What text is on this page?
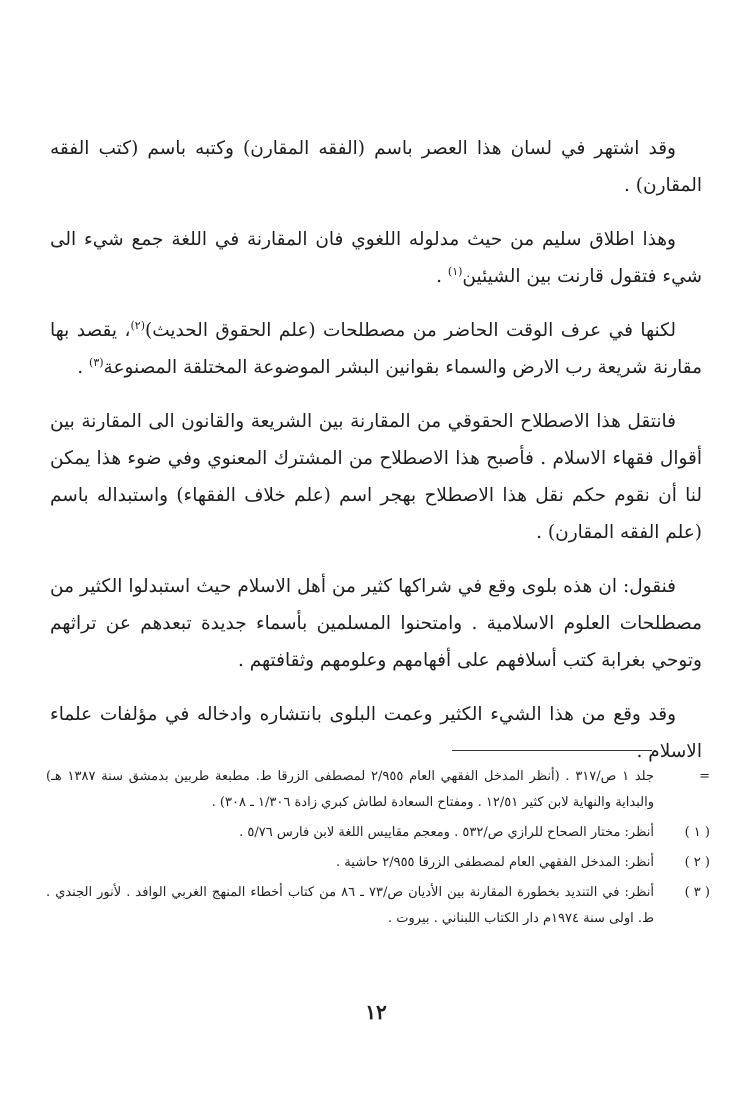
وقد اشتهر في لسان هذا العصر باسم (الفقه المقارن) وكتبه باسم (كتب الفقه المقارن) .

وهذا اطلاق سليم من حيث مدلوله اللغوي فان المقارنة في اللغة جمع شيء الى شيء فتقول قارنت بين الشيئين$^{(١)}$ .

لكنها في عرف الوقت الحاضر من مصطلحات (علم الحقوق الحديث)$^{(٢)}$، يقصد بها مقارنة شريعة رب الارض والسماء بقوانين البشر الموضوعة المختلقة المصنوعة$^{(٣)}$ .

فانتقل هذا الاصطلاح الحقوقي من المقارنة بين الشريعة والقانون الى المقارنة بين أقوال فقهاء الاسلام . فأصبح هذا الاصطلاح من المشترك المعنوي وفي ضوء هذا يمكن لنا أن نقوم حكم نقل هذا الاصطلاح بهجر اسم (علم خلاف الفقهاء) واستبداله باسم (علم الفقه المقارن) .

فنقول: ان هذه بلوى وقع في شراكها كثير من أهل الاسلام حيث استبدلوا الكثير من مصطلحات العلوم الاسلامية . وامتحنوا المسلمين بأسماء جديدة تبعدهم عن تراثهم وتوحي بغرابة كتب أسلافهم على أفهامهم وعلومهم وثقافتهم .

وقد وقع من هذا الشيء الكثير وعمت البلوى بانتشاره وادخاله في مؤلفات علماء الاسلام .

=
جلد ١ ص/٣١٧ . (أنظر المدخل الفقهي العام ٢/٩٥٥ لمصطفى الزرقا ط. مطبعة طربين بدمشق سنة ١٣٨٧ هـ) والبداية والنهاية لابن كثير ١٢/٥١ . ومفتاح السعادة لطاش كبري زادة ١/٣٠٦ ـ ٣٠٨) .
( ١ )
أنظر: مختار الصحاح للرازي ص/٥٣٢ . ومعجم مقاييس اللغة لابن فارس ٥/٧٦ .
( ٢ )
أنظر: المدخل الفقهي العام لمصطفى الزرقا ٢/٩٥٥ حاشية .
( ٣ )
أنظر: في التنديد بخطورة المقارنة بين الأديان ص/٧٣ ـ ٨٦ من كتاب أخطاء المنهج الغربي الوافد . لأنور الجندي . ط. اولى سنة ١٩٧٤م دار الكتاب اللبناني . بيروت .
١٢
